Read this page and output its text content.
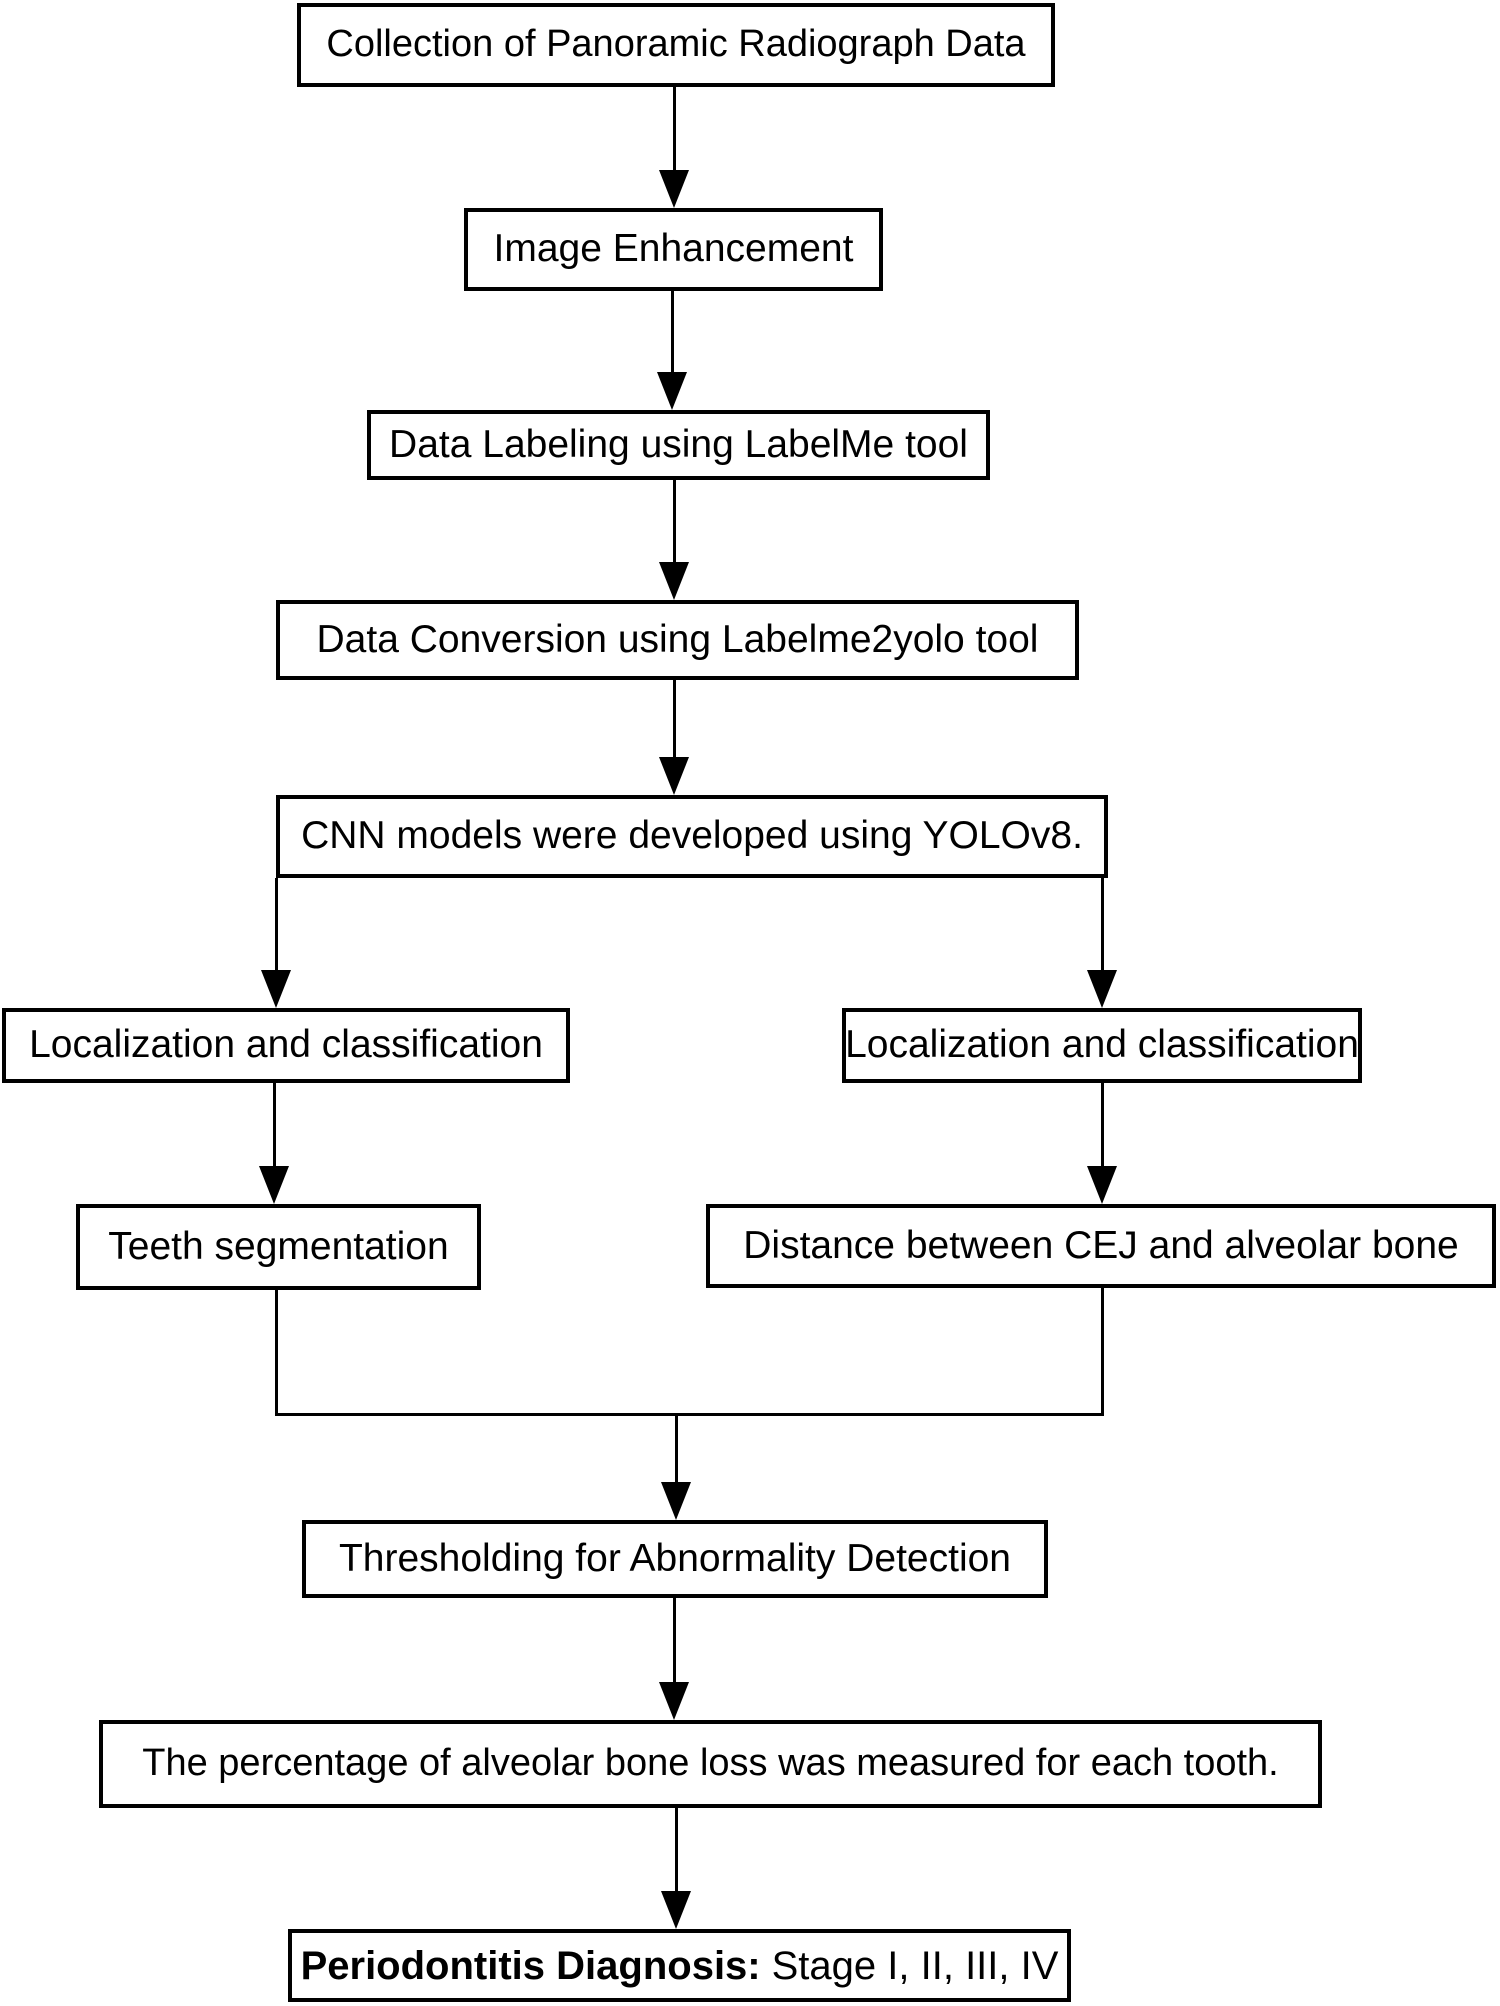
Collection of Panoramic Radiograph Data
Image Enhancement
Data Labeling using LabelMe tool
Data Conversion using Labelme2yolo tool
CNN models were developed using YOLOv8.
Localization and classification	Localization and classification
Teeth segmentation	Distance between CEJ and alveolar bone
Thresholding for Abnormality Detection
The percentage of alveolar bone loss was measured for each tooth.
Periodontitis Diagnosis: Stage I, II, III, IV
